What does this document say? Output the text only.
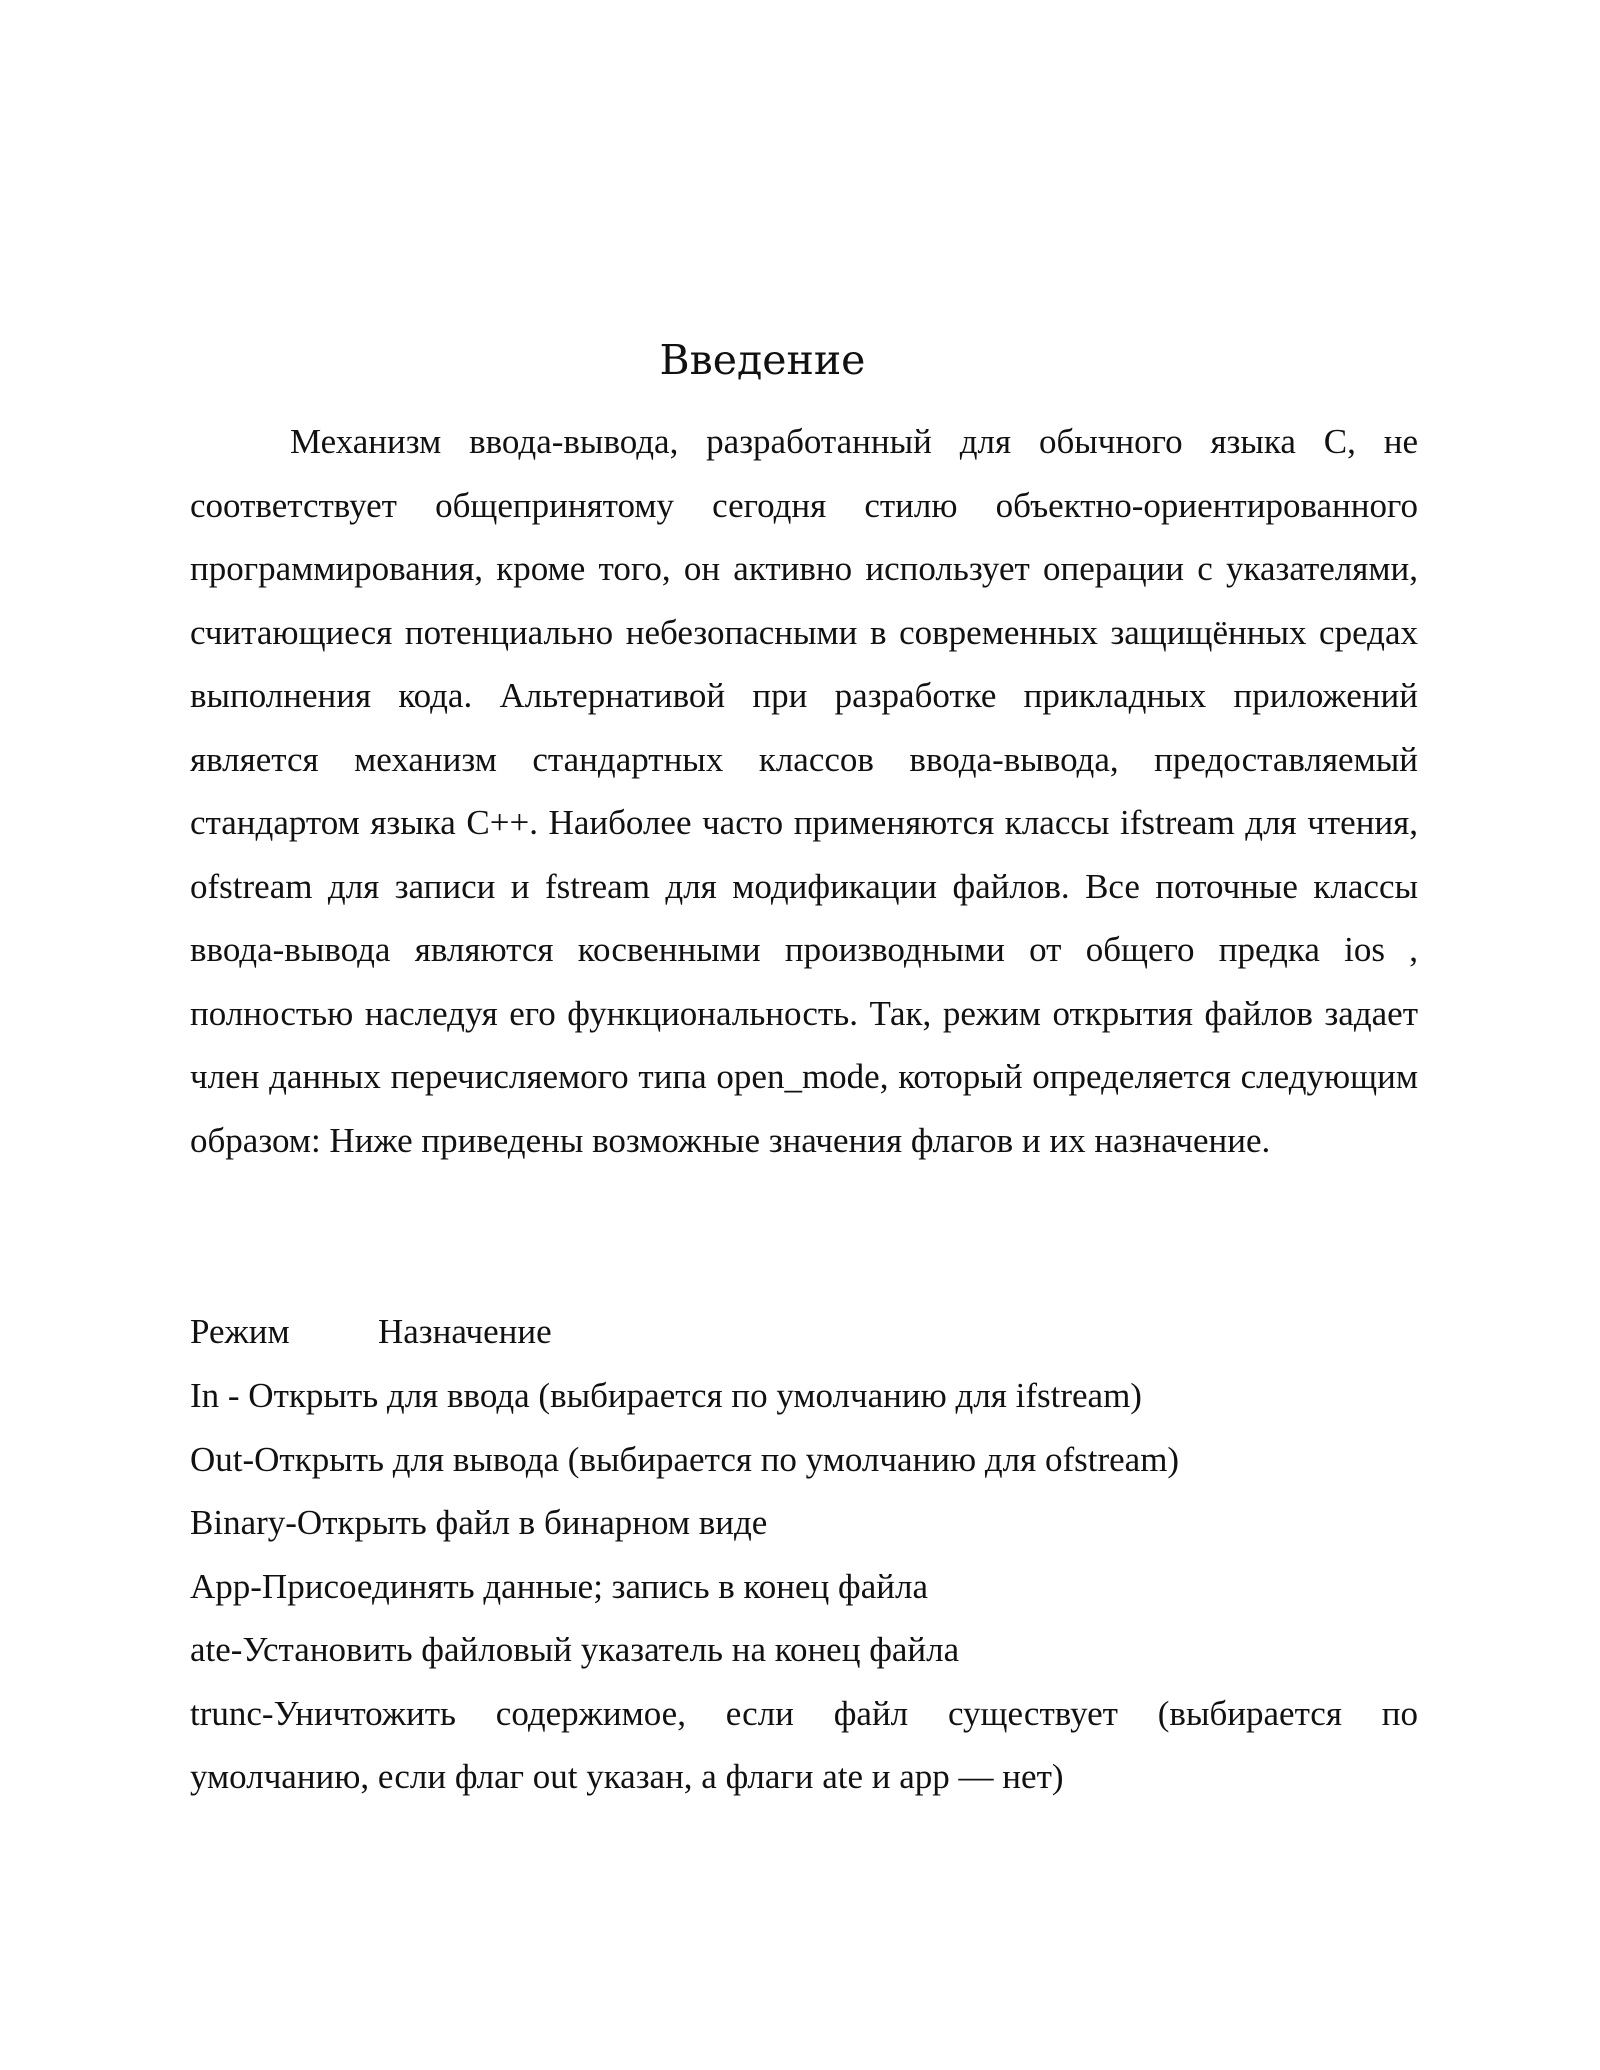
Введение

Механизм ввода-вывода, разработанный для обычного языка С, не соответствует общепринятому сегодня стилю объектно-ориентированного программирования, кроме того, он активно использует операции с указателями, считающиеся потенциально небезопасными в современных защищённых средах выполнения кода. Альтернативой при разработке прикладных приложений является механизм стандартных классов ввода-вывода, предоставляемый стандартом языка С++. Наиболее часто применяются классы ifstream для чтения, ofstream для записи и fstream для модификации файлов. Все поточные классы ввода-вывода являются косвенными производными от общего предка ios , полностью наследуя его функциональность. Так, режим открытия файлов задает член данных перечисляемого типа open_mode, который определяется следующим образом: Ниже приведены возможные значения флагов и их назначение.

Режим	Назначение
In - Открыть для ввода (выбирается по умолчанию для ifstream)
Out-Открыть для вывода (выбирается по умолчанию для ofstream)
Binary-Открыть файл в бинарном виде
App-Присоединять данные; запись в конец файла
ate-Установить файловый указатель на конец файла
trunc-Уничтожить содержимое, если файл существует (выбирается по умолчанию, если флаг out указан, а флаги ate и app — нет)
